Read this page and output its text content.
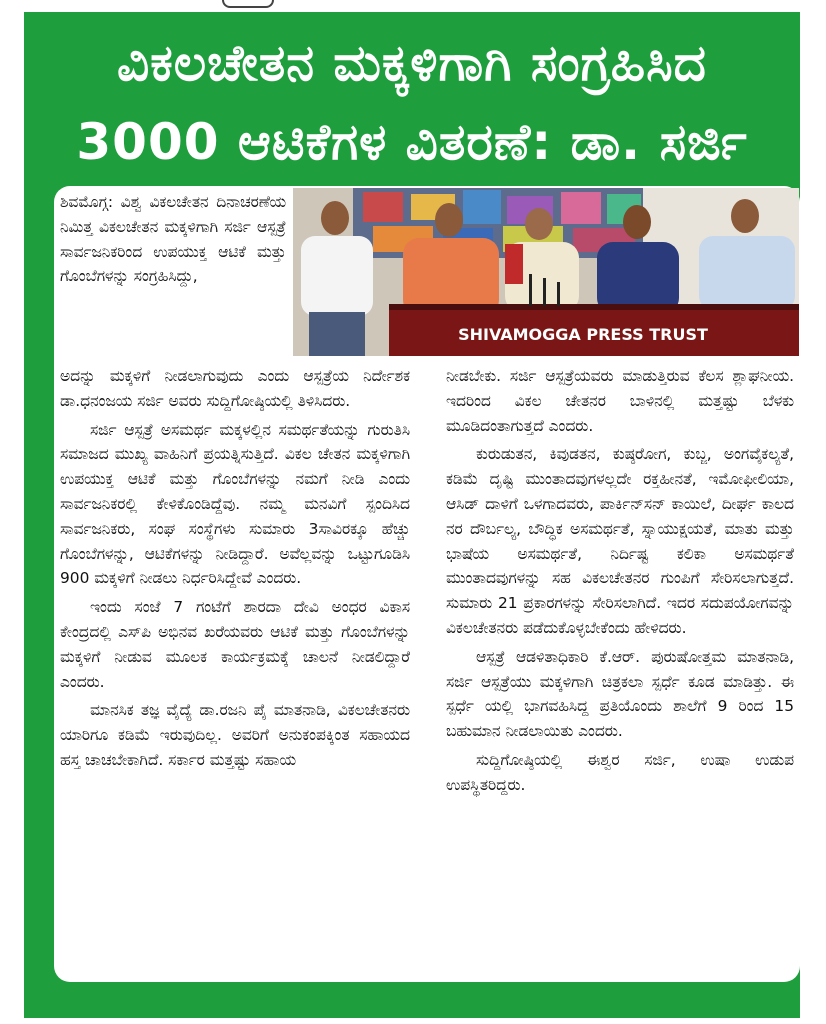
ವಿಕಲಚೇತನ ಮಕ್ಕಳಿಗಾಗಿ ಸಂಗ್ರಹಿಸಿದ
3000 ಆಟಿಕೆಗಳ ವಿತರಣೆ: ಡಾ. ಸರ್ಜಿ
SHIVAMOGGA PRESS TRUST

ಶಿವಮೊಗ್ಗ: ವಿಶ್ವ ವಿಕಲಚೇತನ ದಿನಾಚರಣೆಯ ನಿಮಿತ್ತ ವಿಕಲಚೇತನ ಮಕ್ಕಳಿಗಾಗಿ ಸರ್ಜಿ ಆಸ್ಪತ್ರೆ ಸಾರ್ವಜನಿಕರಿಂದ ಉಪಯುಕ್ತ ಆಟಿಕೆ ಮತ್ತು ಗೊಂಬೆಗಳನ್ನು ಸಂಗ್ರಹಿಸಿದ್ದು,

ಅದನ್ನು ಮಕ್ಕಳಿಗೆ ನೀಡಲಾಗುವುದು ಎಂದು ಆಸ್ಪತ್ರೆಯ ನಿರ್ದೇಶಕ ಡಾ.ಧನಂಜಯ ಸರ್ಜಿ ಅವರು ಸುದ್ದಿಗೋಷ್ಠಿಯಲ್ಲಿ ತಿಳಿಸಿದರು.

ಸರ್ಜಿ ಆಸ್ಪತ್ರೆ ಅಸಮರ್ಥ ಮಕ್ಕಳಲ್ಲಿನ ಸಮರ್ಥತೆಯನ್ನು ಗುರುತಿಸಿ ಸಮಾಜದ ಮುಖ್ಯ ವಾಹಿನಿಗೆ ಪ್ರಯತ್ನಿಸುತ್ತಿದೆ. ವಿಕಲ ಚೇತನ ಮಕ್ಕಳಿಗಾಗಿ ಉಪಯುಕ್ತ ಆಟಿಕೆ ಮತ್ತು ಗೊಂಬೆಗಳನ್ನು ನಮಗೆ ನೀಡಿ ಎಂದು ಸಾರ್ವಜನಿಕರಲ್ಲಿ ಕೇಳಿಕೊಂಡಿದ್ದೆವು. ನಮ್ಮ ಮನವಿಗೆ ಸ್ಪಂದಿಸಿದ ಸಾರ್ವಜನಿಕರು, ಸಂಘ ಸಂಸ್ಥೆಗಳು ಸುಮಾರು 3ಸಾವಿರಕ್ಕೂ ಹೆಚ್ಚು ಗೊಂಬೆಗಳನ್ನು, ಆಟಿಕೆಗಳನ್ನು ನೀಡಿದ್ದಾರೆ. ಅವೆಲ್ಲವನ್ನು ಒಟ್ಟುಗೂಡಿಸಿ 900 ಮಕ್ಕಳಿಗೆ ನೀಡಲು ನಿರ್ಧರಿಸಿದ್ದೇವೆ ಎಂದರು.

ಇಂದು ಸಂಜೆ 7 ಗಂಟೆಗೆ ಶಾರದಾ ದೇವಿ ಅಂಧರ ವಿಕಾಸ ಕೇಂದ್ರದಲ್ಲಿ ಎಸ್‌ಪಿ ಅಭಿನವ ಖರೆಯವರು ಆಟಿಕೆ ಮತ್ತು ಗೊಂಬೆಗಳನ್ನು ಮಕ್ಕಳಿಗೆ ನೀಡುವ ಮೂಲಕ ಕಾರ್ಯಕ್ರಮಕ್ಕೆ ಚಾಲನೆ ನೀಡಲಿದ್ದಾರೆ ಎಂದರು.

ಮಾನಸಿಕ ತಜ್ಞ ವೈದ್ಯೆ ಡಾ.ರಜನಿ ಪೈ ಮಾತನಾಡಿ, ವಿಕಲಚೇತನರು ಯಾರಿಗೂ ಕಡಿಮೆ ಇರುವುದಿಲ್ಲ. ಅವರಿಗೆ ಅನುಕಂಪಕ್ಕಿಂತ ಸಹಾಯದ ಹಸ್ತ ಚಾಚಬೇಕಾಗಿದೆ. ಸರ್ಕಾರ ಮತ್ತಷ್ಟು ಸಹಾಯ

ನೀಡಬೇಕು. ಸರ್ಜಿ ಆಸ್ಪತ್ರೆಯವರು ಮಾಡುತ್ತಿರುವ ಕೆಲಸ ಶ್ಲಾಘನೀಯ. ಇದರಿಂದ ವಿಕಲ ಚೇತನರ ಬಾಳಿನಲ್ಲಿ ಮತ್ತಷ್ಟು ಬೆಳಕು ಮೂಡಿದಂತಾಗುತ್ತದೆ ಎಂದರು.

ಕುರುಡುತನ, ಕಿವುಡತನ, ಕುಷ್ಠರೋಗ, ಕುಬ್ಜ, ಅಂಗವೈಕಲ್ಯತೆ, ಕಡಿಮೆ ದೃಷ್ಟಿ ಮುಂತಾದವುಗಳಲ್ಲದೇ ರಕ್ತಹೀನತೆ, ಇಮೋಫೀಲಿಯಾ, ಆಸಿಡ್ ದಾಳಿಗೆ ಒಳಗಾದವರು, ಪಾರ್ಕಿನ್‌ಸನ್ ಕಾಯಿಲೆ, ದೀರ್ಘ ಕಾಲದ ನರ ದೌರ್ಬಲ್ಯ, ಬೌದ್ಧಿಕ ಅಸಮರ್ಥತೆ, ಸ್ನಾಯುಕ್ಷಯತೆ, ಮಾತು ಮತ್ತು ಭಾಷೆಯ ಅಸಮರ್ಥತೆ, ನಿರ್ದಿಷ್ಟ ಕಲಿಕಾ ಅಸಮರ್ಥತೆ ಮುಂತಾದವುಗಳನ್ನು ಸಹ ವಿಕಲಚೇತನರ ಗುಂಪಿಗೆ ಸೇರಿಸಲಾಗುತ್ತದೆ. ಸುಮಾರು 21 ಪ್ರಕಾರಗಳನ್ನು ಸೇರಿಸಲಾಗಿದೆ. ಇದರ ಸದುಪಯೋಗವನ್ನು ವಿಕಲಚೇತನರು ಪಡೆದುಕೊಳ್ಳಬೇಕೆಂದು ಹೇಳಿದರು.

ಆಸ್ಪತ್ರೆ ಆಡಳಿತಾಧಿಕಾರಿ ಕೆ.ಆರ್. ಪುರುಷೋತ್ತಮ ಮಾತನಾಡಿ, ಸರ್ಜಿ ಆಸ್ಪತ್ರೆಯು ಮಕ್ಕಳಿಗಾಗಿ ಚಿತ್ರಕಲಾ ಸ್ಪರ್ಧೆ ಕೂಡ ಮಾಡಿತ್ತು. ಈ ಸ್ಪರ್ಧೆ ಯಲ್ಲಿ ಭಾಗವಹಿಸಿದ್ದ ಪ್ರತಿಯೊಂದು ಶಾಲೆಗೆ 9 ರಿಂದ 15 ಬಹುಮಾನ ನೀಡಲಾಯಿತು ಎಂದರು.

ಸುದ್ದಿಗೋಷ್ಠಿಯಲ್ಲಿ ಈಶ್ವರ ಸರ್ಜಿ, ಉಷಾ ಉಡುಪ ಉಪಸ್ಥಿತರಿದ್ದರು.
